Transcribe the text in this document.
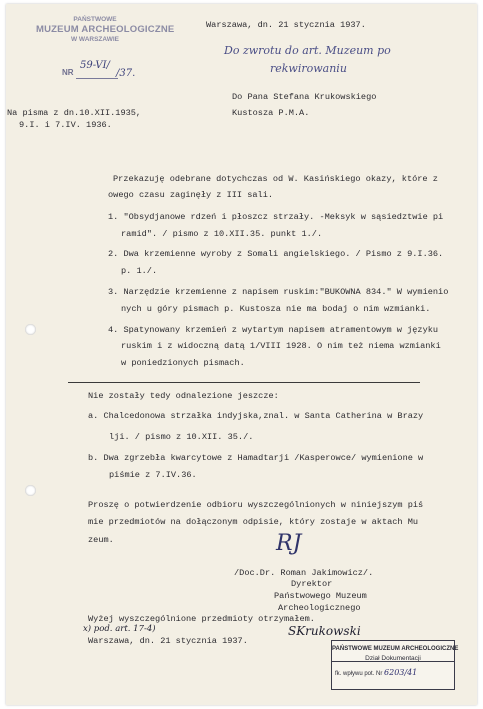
PAŃSTWOWE
MUZEUM ARCHEOLOGICZNE
W WARSZAWIE
NR
59-VI/
/37.
Warszawa, dn. 21 stycznia 1937.
Do zwrotu do art. Muzeum po
rekwirowaniu
Na pisma z dn.10.XII.1935,
9.I. i 7.IV. 1936.
Do Pana Stefana Krukowskiego
Kustosza P.M.A.
Przekazuję odebrane dotychczas od W. Kasińskiego okazy, które z
owego czasu zaginęły z III sali.
1. "Obsydjanowe rdzeń i płoszcz strzały. -Meksyk w sąsiedztwie pi
ramid". / pismo z 10.XII.35. punkt 1./.
2. Dwa krzemienne wyroby z Somali angielskiego. / Pismo z 9.I.36.
p. 1./.
3. Narzędzie krzemienne z napisem ruskim:"BUKOWNA 834." W wymienio
nych u góry pismach p. Kustosza nie ma bodaj o nim wzmianki.
4. Spatynowany krzemień z wytartym napisem atramentowym w języku
ruskim i z widoczną datą 1/VIII 1928. O nim też niema wzmianki
w poniedzionych pismach.
Nie zostały tedy odnalezione jeszcze:
a. Chalcedonowa strzałka indyjska,znal. w Santa Catherina w Brazy
lji. / pismo z 10.XII. 35./.
b. Dwa zgrzebła kwarcytowe z Hamadtarji /Kasperowce/ wymienione w
piśmie z 7.IV.36.
Proszę o potwierdzenie odbioru wyszczególnionych w niniejszym piś
mie przedmiotów na dołączonym odpisie, który zostaje w aktach Mu
zeum.	RJ
/Doc.Dr. Roman Jakimowicz/.
Dyrektor
Państwowego Muzeum
Archeologicznego
Wyżej wyszczególnione przedmioty otrzymałem.
x) pod. art. 17-4)
Warszawa, dn. 21 stycznia 1937.
SKrukowski
PAŃSTWOWE MUZEUM ARCHEOLOGICZNE
Dział Dokumentacji
fk. wpływu pot. Nr 6203/41
